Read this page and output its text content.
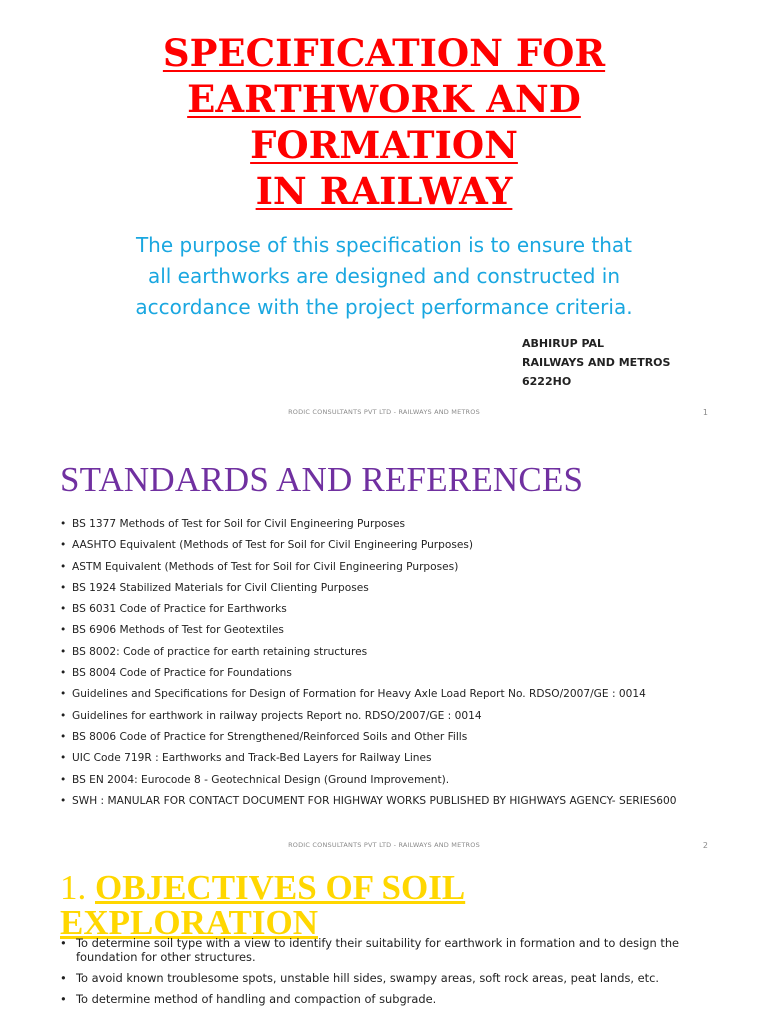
SPECIFICATION FOR
EARTHWORK AND
FORMATION
IN RAILWAY
The purpose of this specification is to ensure that
all earthworks are designed and constructed in
accordance with the project performance criteria.
ABHIRUP PAL
RAILWAYS AND METROS
6222HO
RODIC CONSULTANTS PVT LTD - RAILWAYS AND METROS	1
STANDARDS AND REFERENCES
• BS 1377 Methods of Test for Soil for Civil Engineering Purposes
• AASHTO Equivalent (Methods of Test for Soil for Civil Engineering Purposes)
• ASTM Equivalent (Methods of Test for Soil for Civil Engineering Purposes)
• BS 1924 Stabilized Materials for Civil Clienting Purposes
• BS 6031 Code of Practice for Earthworks
• BS 6906 Methods of Test for Geotextiles
• BS 8002: Code of practice for earth retaining structures
• BS 8004 Code of Practice for Foundations
• Guidelines and Specifications for Design of Formation for Heavy Axle Load Report No. RDSO/2007/GE : 0014
• Guidelines for earthwork in railway projects Report no. RDSO/2007/GE : 0014
• BS 8006 Code of Practice for Strengthened/Reinforced Soils and Other Fills
• UIC Code 719R : Earthworks and Track-Bed Layers for Railway Lines
• BS EN 2004: Eurocode 8 - Geotechnical Design (Ground Improvement).
• SWH : MANULAR FOR CONTACT DOCUMENT FOR HIGHWAY WORKS PUBLISHED BY HIGHWAYS AGENCY- SERIES600
RODIC CONSULTANTS PVT LTD - RAILWAYS AND METROS	2
1. OBJECTIVES OF SOIL
EXPLORATION
• To determine soil type with a view to identify their suitability for earthwork in formation and to design the foundation for other structures.
• To avoid known troublesome spots, unstable hill sides, swampy areas, soft rock areas, peat lands, etc.
• To determine method of handling and compaction of subgrade.
